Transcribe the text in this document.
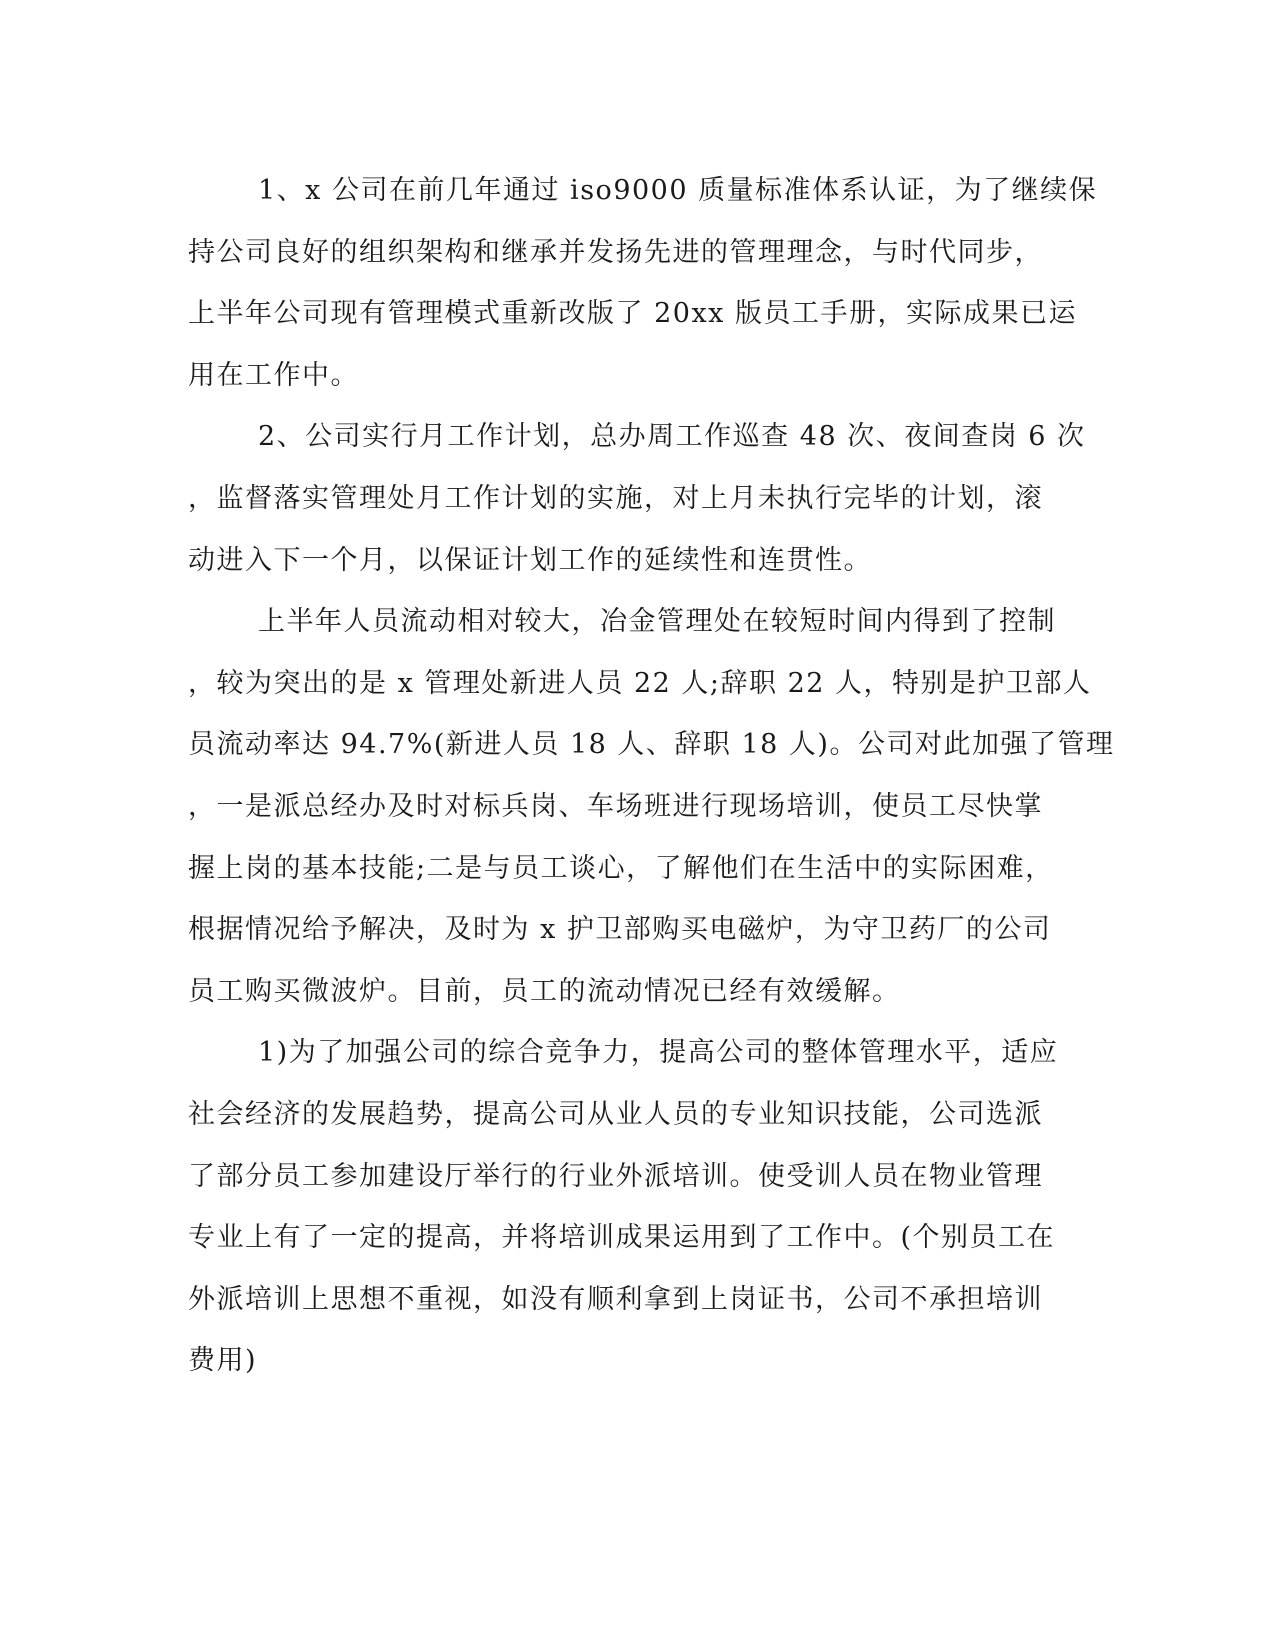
1、x 公司在前几年通过 iso9000 质量标准体系认证，为了继续保
持公司良好的组织架构和继承并发扬先进的管理理念，与时代同步，
上半年公司现有管理模式重新改版了 20xx 版员工手册，实际成果已运
用在工作中。
2、公司实行月工作计划，总办周工作巡查 48 次、夜间查岗 6 次
，监督落实管理处月工作计划的实施，对上月未执行完毕的计划，滚
动进入下一个月，以保证计划工作的延续性和连贯性。
上半年人员流动相对较大，冶金管理处在较短时间内得到了控制
，较为突出的是 x 管理处新进人员 22 人;辞职 22 人，特别是护卫部人
员流动率达 94.7%(新进人员 18 人、辞职 18 人)。公司对此加强了管理
，一是派总经办及时对标兵岗、车场班进行现场培训，使员工尽快掌
握上岗的基本技能;二是与员工谈心，了解他们在生活中的实际困难，
根据情况给予解决，及时为 x 护卫部购买电磁炉，为守卫药厂的公司
员工购买微波炉。目前，员工的流动情况已经有效缓解。
1)为了加强公司的综合竞争力，提高公司的整体管理水平，适应
社会经济的发展趋势，提高公司从业人员的专业知识技能，公司选派
了部分员工参加建设厅举行的行业外派培训。使受训人员在物业管理
专业上有了一定的提高，并将培训成果运用到了工作中。(个别员工在
外派培训上思想不重视，如没有顺利拿到上岗证书，公司不承担培训
费用)
